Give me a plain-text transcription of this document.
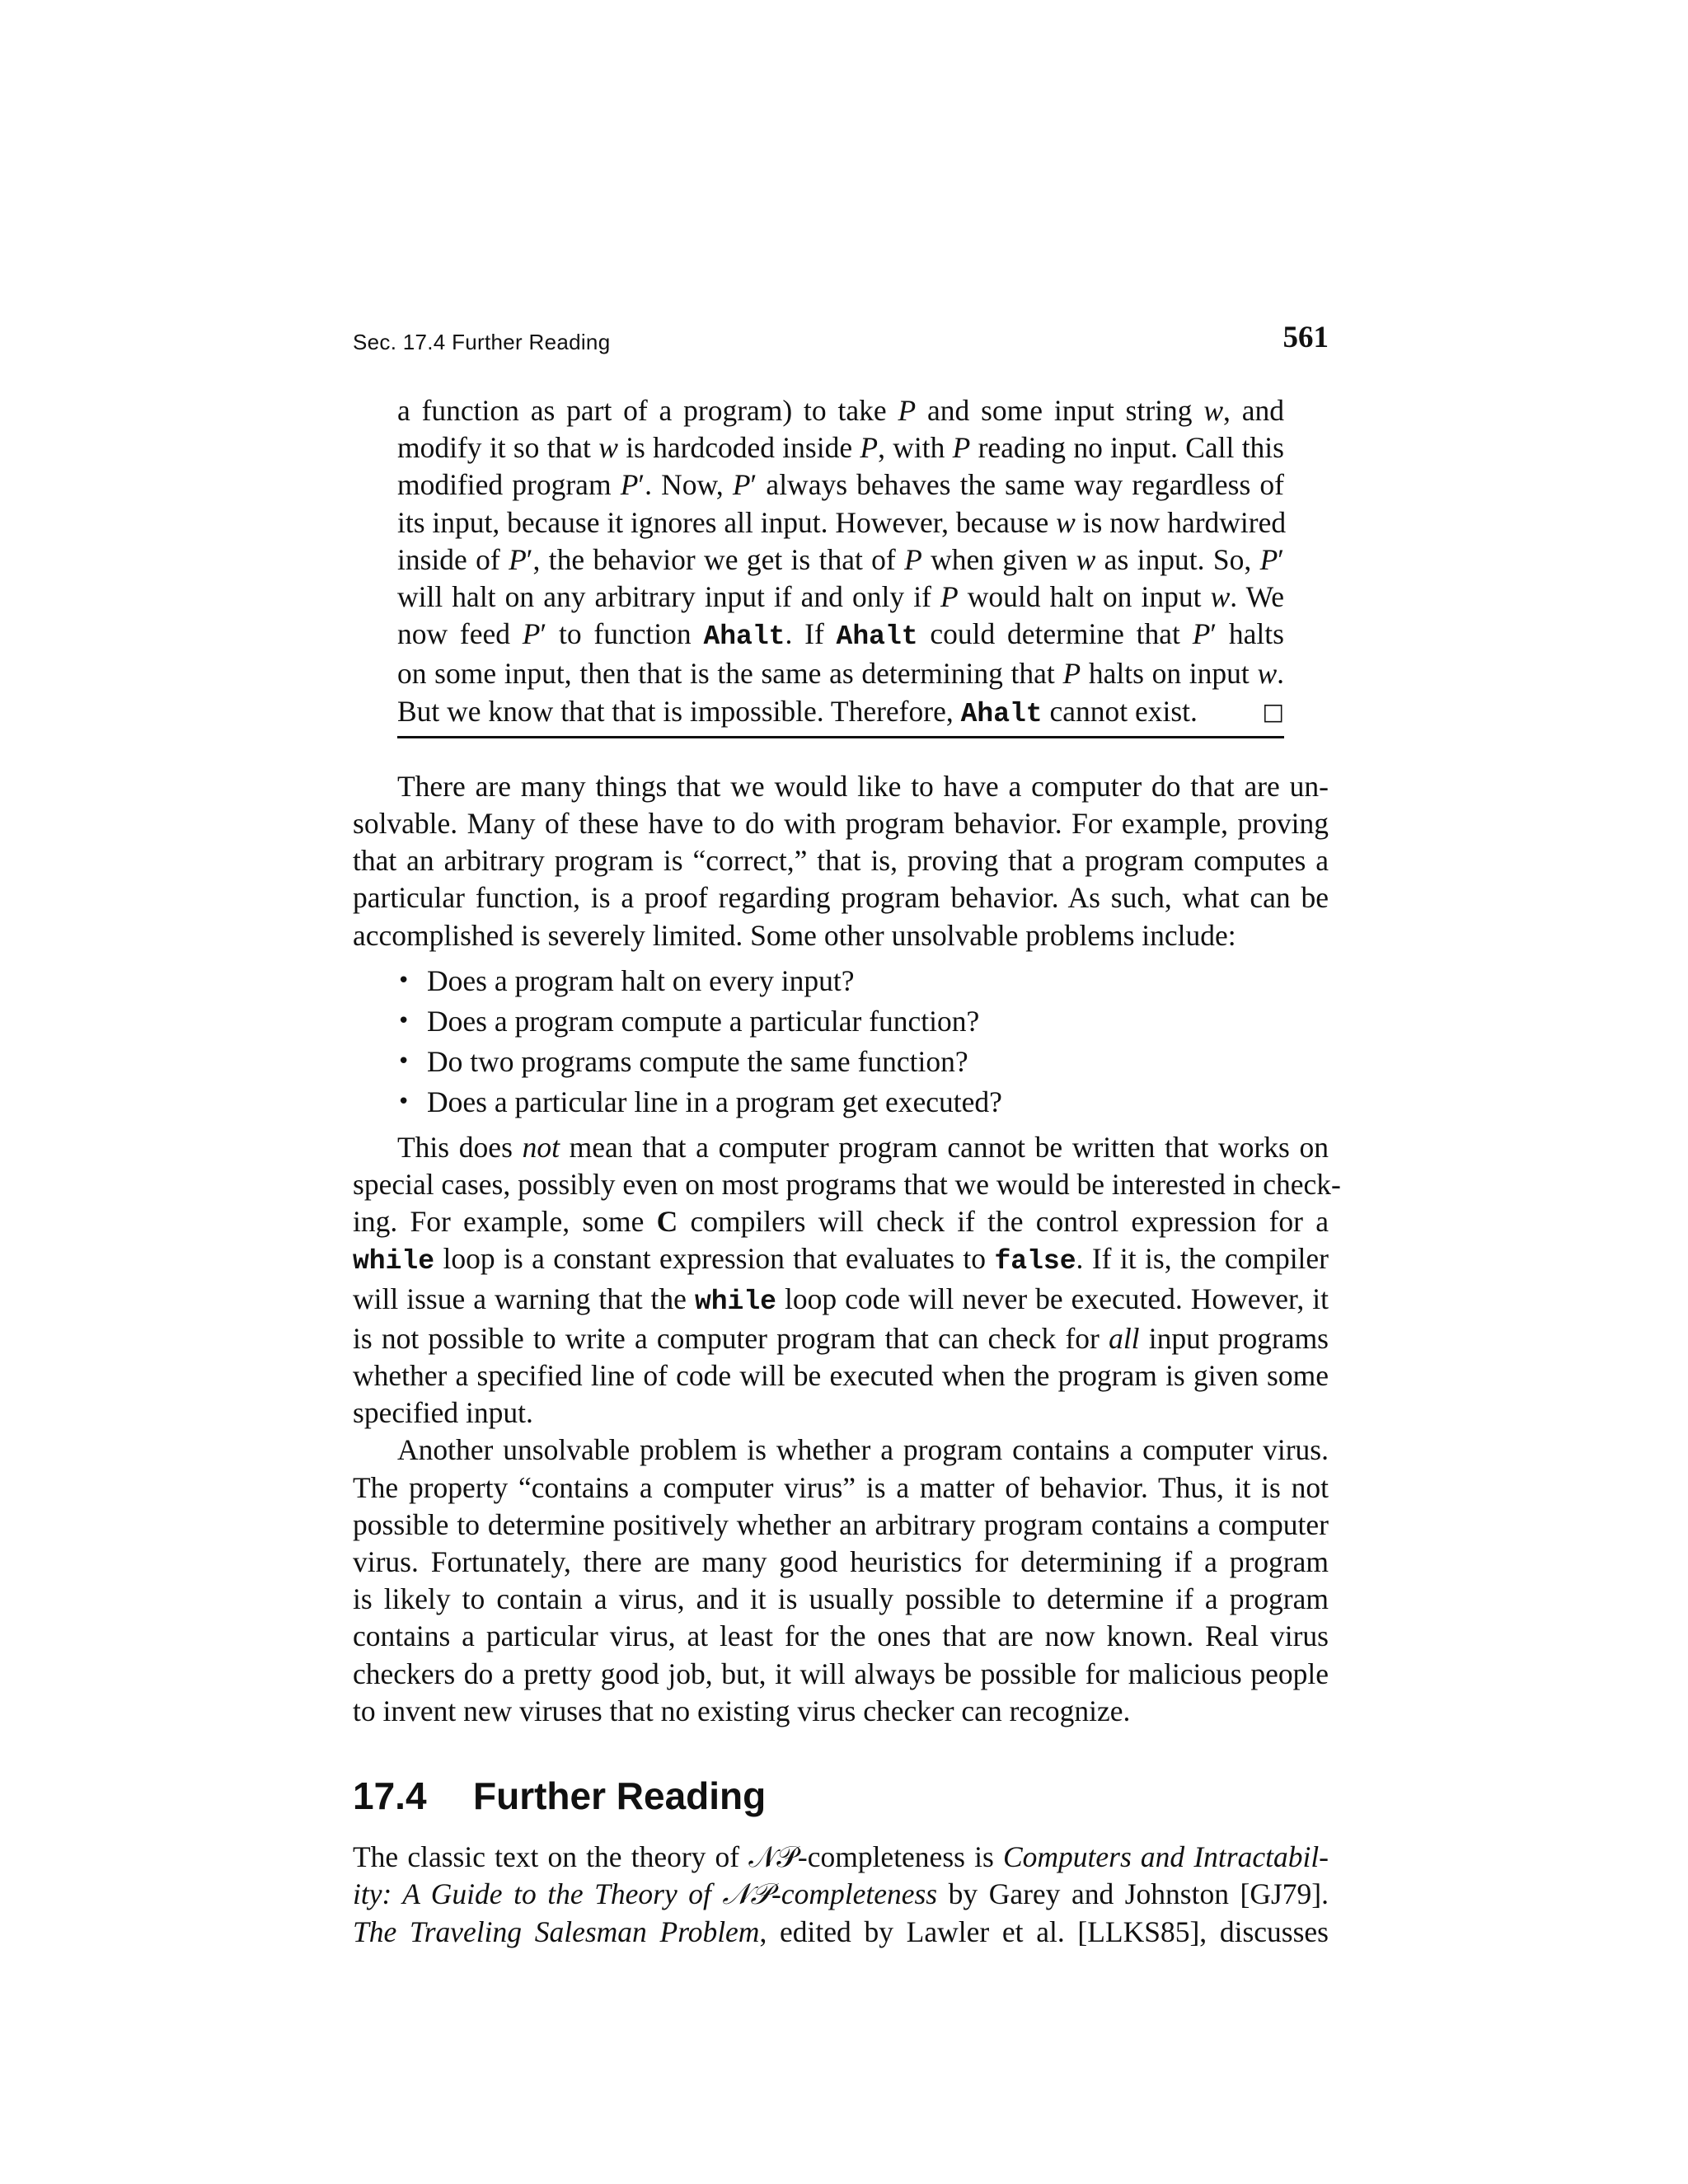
Sec. 17.4 Further Reading	561
a function as part of a program) to take P and some input string w, and
modify it so that w is hardcoded inside P, with P reading no input. Call this
modified program P′. Now, P′ always behaves the same way regardless of
its input, because it ignores all input. However, because w is now hardwired
inside of P′, the behavior we get is that of P when given w as input. So, P′
will halt on any arbitrary input if and only if P would halt on input w. We
now feed P′ to function Ahalt. If Ahalt could determine that P′ halts
on some input, then that is the same as determining that P halts on input w.
But we know that that is impossible. Therefore, Ahalt cannot exist.	□
There are many things that we would like to have a computer do that are un-
solvable. Many of these have to do with program behavior. For example, proving
that an arbitrary program is “correct,” that is, proving that a program computes a
particular function, is a proof regarding program behavior. As such, what can be
accomplished is severely limited. Some other unsolvable problems include:
• Does a program halt on every input?
• Does a program compute a particular function?
• Do two programs compute the same function?
• Does a particular line in a program get executed?
This does not mean that a computer program cannot be written that works on
special cases, possibly even on most programs that we would be interested in check-
ing. For example, some C compilers will check if the control expression for a
while loop is a constant expression that evaluates to false. If it is, the compiler
will issue a warning that the while loop code will never be executed. However, it
is not possible to write a computer program that can check for all input programs
whether a specified line of code will be executed when the program is given some
specified input.
Another unsolvable problem is whether a program contains a computer virus.
The property “contains a computer virus” is a matter of behavior. Thus, it is not
possible to determine positively whether an arbitrary program contains a computer
virus. Fortunately, there are many good heuristics for determining if a program
is likely to contain a virus, and it is usually possible to determine if a program
contains a particular virus, at least for the ones that are now known. Real virus
checkers do a pretty good job, but, it will always be possible for malicious people
to invent new viruses that no existing virus checker can recognize.
17.4 Further Reading
The classic text on the theory of 𝒩𝒫-completeness is Computers and Intractabil-
ity: A Guide to the Theory of 𝒩𝒫-completeness by Garey and Johnston [GJ79].
The Traveling Salesman Problem, edited by Lawler et al. [LLKS85], discusses
